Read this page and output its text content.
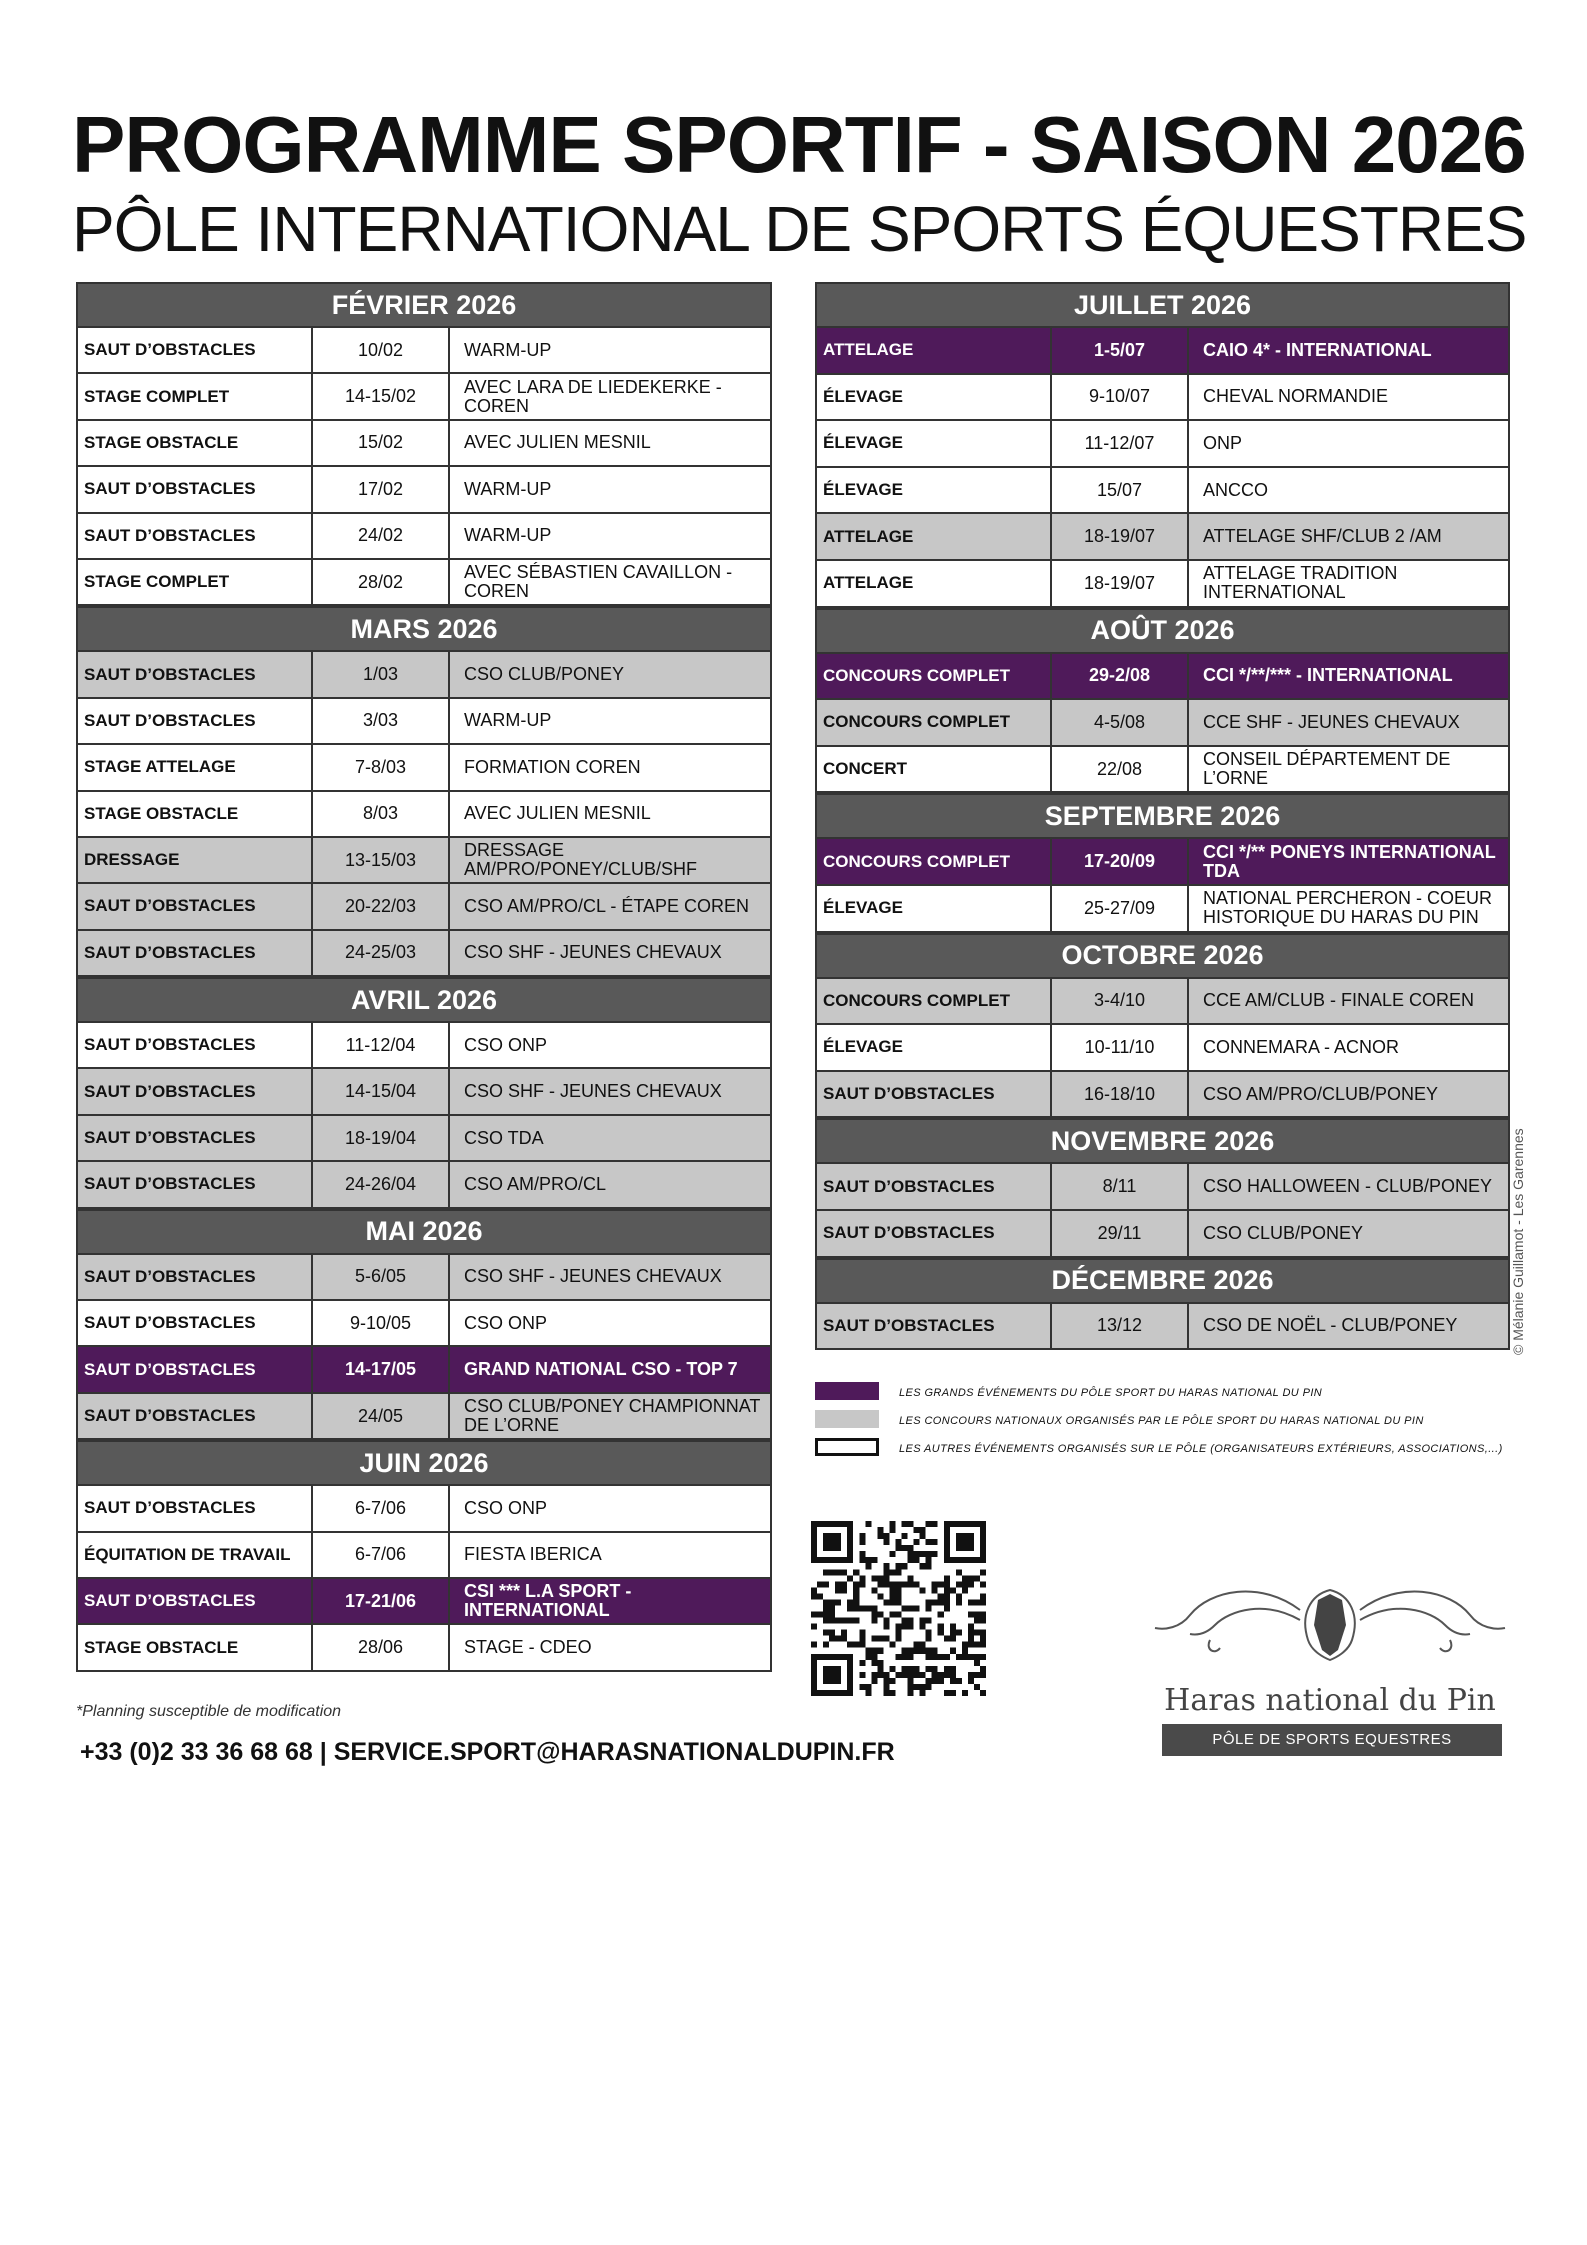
PROGRAMME SPORTIF - SAISON 2026
PÔLE INTERNATIONAL DE SPORTS ÉQUESTRES
FÉVRIER 2026
SAUT D’OBSTACLES	10/02	WARM-UP
STAGE COMPLET	14-15/02	AVEC LARA DE LIEDEKERKE - COREN
STAGE OBSTACLE	15/02	AVEC JULIEN MESNIL
SAUT D’OBSTACLES	17/02	WARM-UP
SAUT D’OBSTACLES	24/02	WARM-UP
STAGE COMPLET	28/02	AVEC SÉBASTIEN CAVAILLON - COREN
MARS 2026
SAUT D’OBSTACLES	1/03	CSO CLUB/PONEY
SAUT D’OBSTACLES	3/03	WARM-UP
STAGE ATTELAGE	7-8/03	FORMATION COREN
STAGE OBSTACLE	8/03	AVEC JULIEN MESNIL
DRESSAGE	13-15/03	DRESSAGE AM/PRO/PONEY/CLUB/SHF
SAUT D’OBSTACLES	20-22/03	CSO AM/PRO/CL - ÉTAPE COREN
SAUT D’OBSTACLES	24-25/03	CSO SHF - JEUNES CHEVAUX
AVRIL 2026
SAUT D’OBSTACLES	11-12/04	CSO ONP
SAUT D’OBSTACLES	14-15/04	CSO SHF - JEUNES CHEVAUX
SAUT D’OBSTACLES	18-19/04	CSO TDA
SAUT D’OBSTACLES	24-26/04	CSO AM/PRO/CL
MAI 2026
SAUT D’OBSTACLES	5-6/05	CSO SHF - JEUNES CHEVAUX
SAUT D’OBSTACLES	9-10/05	CSO ONP
SAUT D’OBSTACLES	14-17/05	GRAND NATIONAL CSO - TOP 7
SAUT D’OBSTACLES	24/05	CSO CLUB/PONEY CHAMPIONNAT DE L’ORNE
JUIN 2026
SAUT D’OBSTACLES	6-7/06	CSO ONP
ÉQUITATION DE TRAVAIL	6-7/06	FIESTA IBERICA
SAUT D’OBSTACLES	17-21/06	CSI *** L.A SPORT - INTERNATIONAL
STAGE OBSTACLE	28/06	STAGE - CDEO
JUILLET 2026
ATTELAGE	1-5/07	CAIO 4* - INTERNATIONAL
ÉLEVAGE	9-10/07	CHEVAL NORMANDIE
ÉLEVAGE	11-12/07	ONP
ÉLEVAGE	15/07	ANCCO
ATTELAGE	18-19/07	ATTELAGE SHF/CLUB 2 /AM
ATTELAGE	18-19/07	ATTELAGE TRADITION INTERNATIONAL
AOÛT 2026
CONCOURS COMPLET	29-2/08	CCI */**/*** - INTERNATIONAL
CONCOURS COMPLET	4-5/08	CCE SHF - JEUNES CHEVAUX
CONCERT	22/08	CONSEIL DÉPARTEMENT DE L’ORNE
SEPTEMBRE 2026
CONCOURS COMPLET	17-20/09	CCI */** PONEYS INTERNATIONAL TDA
ÉLEVAGE	25-27/09	NATIONAL PERCHERON - COEUR HISTORIQUE DU HARAS DU PIN
OCTOBRE 2026
CONCOURS COMPLET	3-4/10	CCE AM/CLUB - FINALE COREN
ÉLEVAGE	10-11/10	CONNEMARA - ACNOR
SAUT D’OBSTACLES	16-18/10	CSO AM/PRO/CLUB/PONEY
NOVEMBRE 2026
SAUT D’OBSTACLES	8/11	CSO HALLOWEEN - CLUB/PONEY
SAUT D’OBSTACLES	29/11	CSO CLUB/PONEY
DÉCEMBRE 2026
SAUT D’OBSTACLES	13/12	CSO DE NOËL - CLUB/PONEY
LES GRANDS ÉVÉNEMENTS DU PÔLE SPORT DU HARAS NATIONAL DU PIN
LES CONCOURS NATIONAUX ORGANISÉS PAR LE PÔLE SPORT DU HARAS NATIONAL DU PIN
LES AUTRES ÉVÉNEMENTS ORGANISÉS SUR LE PÔLE (ORGANISATEURS EXTÉRIEURS, ASSOCIATIONS,...)
Haras national du Pin
PÔLE DE SPORTS EQUESTRES
*Planning susceptible de modification
+33 (0)2 33 36 68 68 | SERVICE.SPORT@HARASNATIONALDUPIN.FR
© Mélanie Guillamot - Les Garennes
